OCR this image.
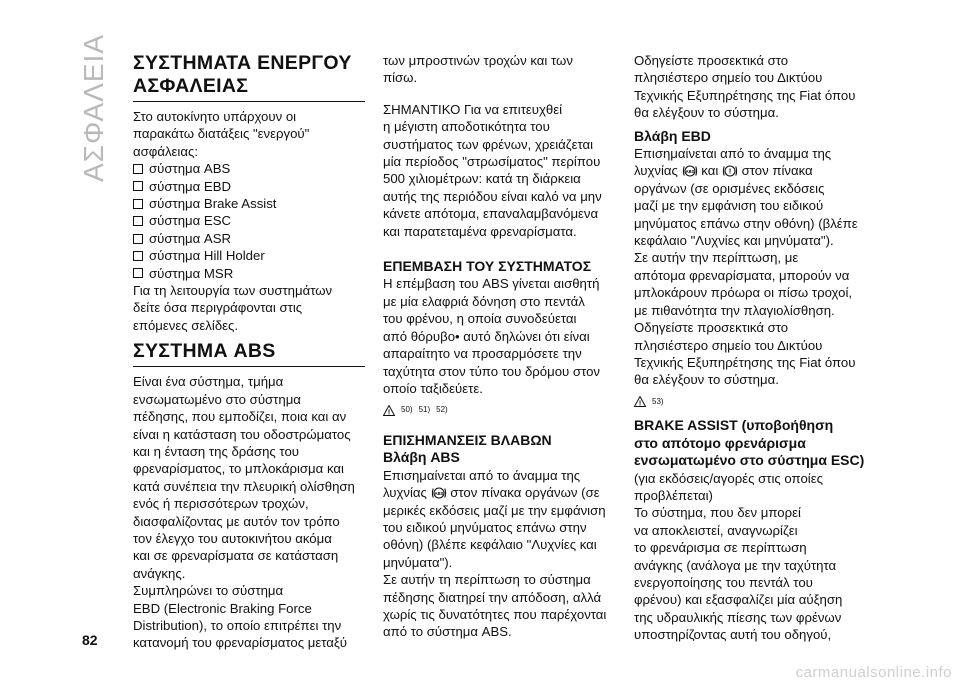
ΑΣΦΑΛΕΙΑ ΣΥΣΤΗΜΑΤΑ ΕΝΕΡΓΟΥ
ΑΣΦΑΛΕΙΑΣ

Στο αυτοκίνητο υπάρχουν οι

παρακάτω διατάξεις "ενεργού"

ασφάλειας:

σύστημα ABS
σύστημα EBD
σύστημα Brake Assist
σύστημα ESC
σύστημα ASR
σύστημα Hill Holder
σύστημα MSR

Για τη λειτουργία των συστημάτων

δείτε όσα περιγράφονται στις

επόμενες σελίδες.

ΣΥΣΤΗΜΑ ABS

Είναι ένα σύστημα, τμήμα

ενσωματωμένο στο σύστημα

πέδησης, που εμποδίζει, ποια και αν

είναι η κατάσταση του οδοστρώματος

και η ένταση της δράσης του

φρεναρίσματος, το μπλοκάρισμα και

κατά συνέπεια την πλευρική ολίσθηση

ενός ή περισσότερων τροχών,

διασφαλίζοντας με αυτόν τον τρόπο

τον έλεγχο του αυτοκινήτου ακόμα

και σε φρεναρίσματα σε κατάσταση

ανάγκης.

Συμπληρώνει το σύστημα

EBD (Electronic Braking Force

Distribution), το οποίο επιτρέπει την

κατανομή του φρεναρίσματος μεταξύ

των μπροστινών τροχών και των

πίσω.

ΣΗΜΑΝΤΙΚΟ Για να επιτευχθεί

η μέγιστη αποδοτικότητα του

συστήματος των φρένων, χρειάζεται

μία περίοδος "στρωσίματος" περίπου

500 χιλιομέτρων: κατά τη διάρκεια

αυτής της περιόδου είναι καλό να μην

κάνετε απότομα, επαναλαμβανόμενα

και παρατεταμένα φρεναρίσματα.

ΕΠΕΜΒΑΣΗ ΤΟΥ ΣΥΣΤΗΜΑΤΟΣ

Η επέμβαση του ABS γίνεται αισθητή

με μία ελαφριά δόνηση στο πεντάλ

του φρένου, η οποία συνοδεύεται

από θόρυβο• αυτό δηλώνει ότι είναι

απαραίτητο να προσαρμόσετε την

ταχύτητα στον τύπο του δρόμου στον

οποίο ταξιδεύετε.

! 50) 51) 52)
ΕΠΙΣΗΜΑΝΣΕΙΣ ΒΛΑΒΩΝ
Βλάβη ABS

Επισημαίνεται από το άναμμα της

λυχνίας ABS στον πίνακα οργάνων (σε

μερικές εκδόσεις μαζί με την εμφάνιση

του ειδικού μηνύματος επάνω στην

οθόνη) (βλέπε κεφάλαιο "Λυχνίες και

μηνύματα").

Σε αυτήν τη περίπτωση το σύστημα

πέδησης διατηρεί την απόδοση, αλλά

χωρίς τις δυνατότητες που παρέχονται

από το σύστημα ABS.

Οδηγείστε προσεκτικά στο

πλησιέστερο σημείο του Δικτύου

Τεχνικής Εξυπηρέτησης της Fiat όπου

θα ελέγξουν το σύστημα.

Βλάβη EBD

Επισημαίνεται από το άναμμα της

λυχνίας ABS και ! στον πίνακα

οργάνων (σε ορισμένες εκδόσεις

μαζί με την εμφάνιση του ειδικού

μηνύματος επάνω στην οθόνη) (βλέπε

κεφάλαιο "Λυχνίες και μηνύματα").

Σε αυτήν την περίπτωση, με

απότομα φρεναρίσματα, μπορούν να

μπλοκάρουν πρόωρα οι πίσω τροχοί,

με πιθανότητα την πλαγιολίσθηση.

Οδηγείστε προσεκτικά στο

πλησιέστερο σημείο του Δικτύου

Τεχνικής Εξυπηρέτησης της Fiat όπου

θα ελέγξουν το σύστημα.

! 53)
BRAKE ASSIST (υποβοήθηση
στο απότομο φρενάρισμα
ενσωματωμένο στο σύστημα ESC)

(για εκδόσεις/αγορές στις οποίες

προβλέπεται)

Το σύστημα, που δεν μπορεί

να αποκλειστεί, αναγνωρίζει

το φρενάρισμα σε περίπτωση

ανάγκης (ανάλογα με την ταχύτητα

ενεργοποίησης του πεντάλ του

φρένου) και εξασφαλίζει μία αύξηση

της υδραυλικής πίεσης των φρένων

υποστηρίζοντας αυτή του οδηγού,

82
carmanualsonline.info
